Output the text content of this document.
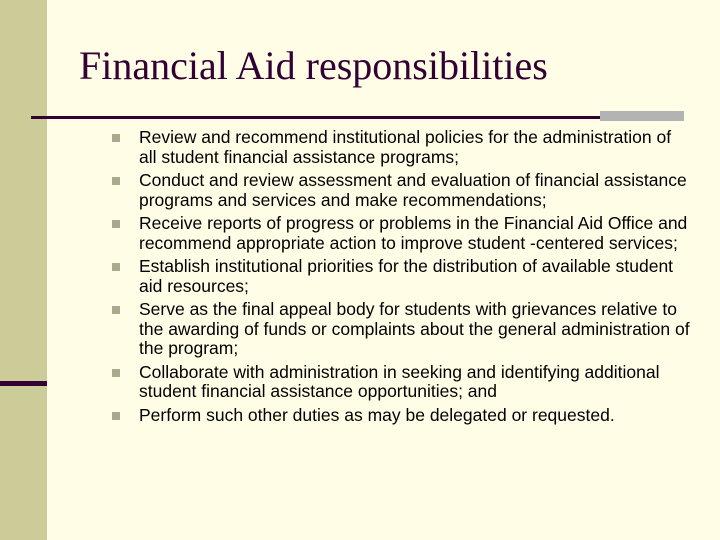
Financial Aid responsibilities
Review and recommend institutional policies for the administration of all student financial assistance programs;
Conduct and review assessment and evaluation of financial assistance programs and services and make recommendations;
Receive reports of progress or problems in the Financial Aid Office and recommend appropriate action to improve student -centered services;
Establish institutional priorities for the distribution of available student aid resources;
Serve as the final appeal body for students with grievances relative to the awarding of funds or complaints about the general administration of the program;
Collaborate with administration in seeking and identifying additional student financial assistance opportunities; and
Perform such other duties as may be delegated or requested.
